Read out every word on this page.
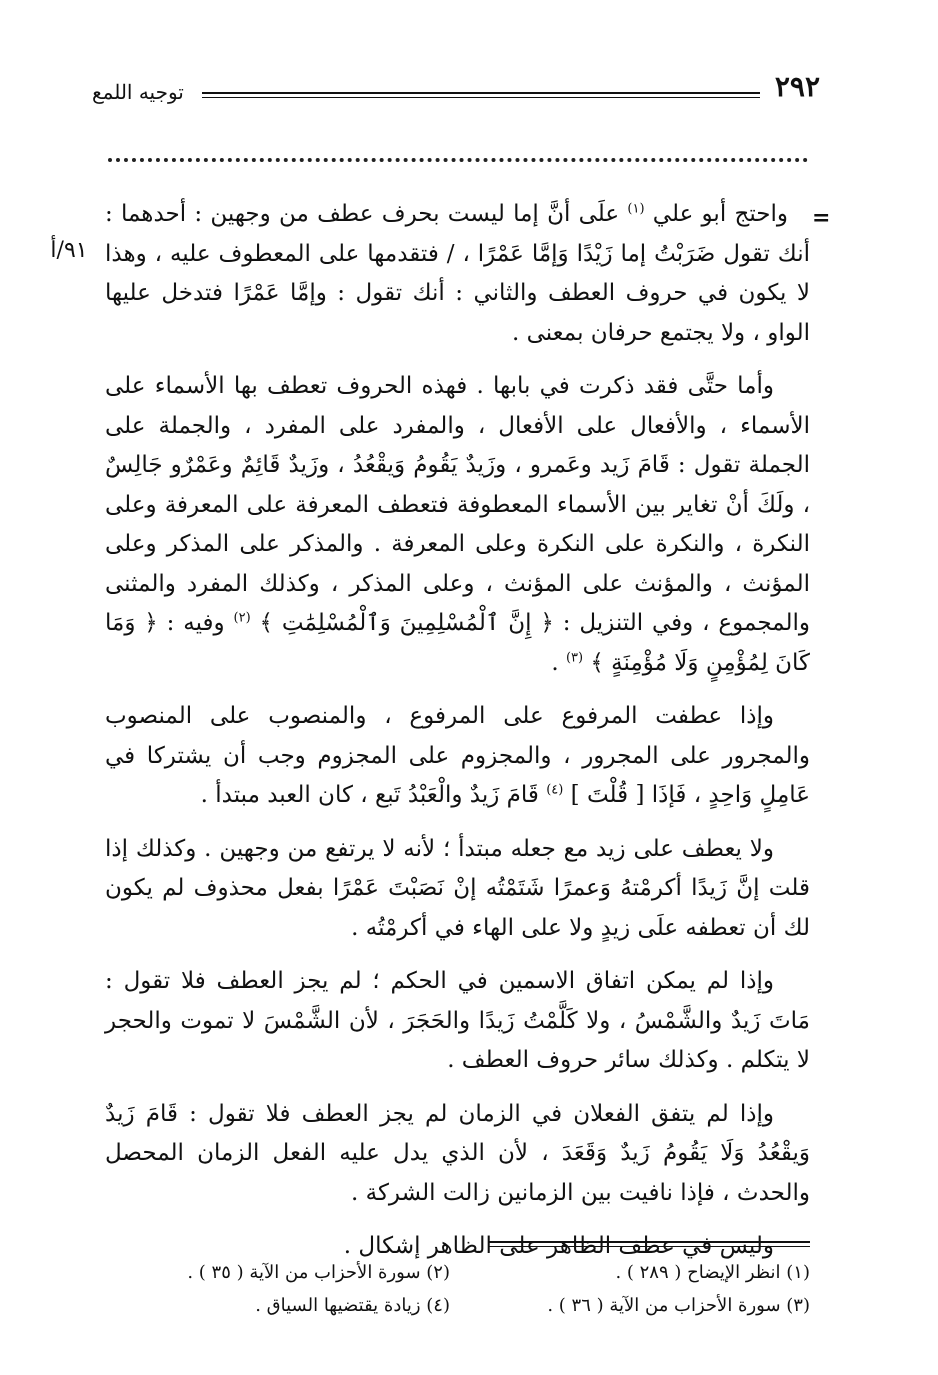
٢٩٢
توجيه اللمع
=
٩١/أ

واحتج أبو علي $^{(١)}$ علَى أنَّ إما ليست بحرف عطف من وجهين : أحدهما : أنك تقول ضَرَبْتُ إما زَيْدًا وَإمَّا عَمْرًا ، / فتقدمها على المعطوف عليه ، وهذا لا يكون في حروف العطف والثاني : أنك تقول : وإمَّا عَمْرًا فتدخل عليها الواو ، ولا يجتمع حرفان بمعنى .

وأما حتَّى فقد ذكرت في بابها . فهذه الحروف تعطف بها الأسماء على الأسماء ، والأفعال على الأفعال ، والمفرد على المفرد ، والجملة على الجملة تقول : قَامَ زَيد وعَمرو ، وزَيدٌ يَقُومُ وَيقْعُدُ ، وزَيدٌ قَائِمٌ وعَمْرٌو جَالِسٌ ، ولَكَ أنْ تغاير بين الأسماء المعطوفة فتعطف المعرفة على المعرفة وعلى النكرة ، والنكرة على النكرة وعلى المعرفة . والمذكر على المذكر وعلى المؤنث ، والمؤنث على المؤنث ، وعلى المذكر ، وكذلك المفرد والمثنى والمجموع ، وفي التنزيل : ﴿ إِنَّ ٱلْمُسْلِمِينَ وَٱلْمُسْلِمَٰتِ ﴾ $^{(٢)}$ وفيه : ﴿ وَمَا كَانَ لِمُؤْمِنٍ وَلَا مُؤْمِنَةٍ ﴾ $^{(٣)}$ .

وإذا عطفت المرفوع على المرفوع ، والمنصوب على المنصوب والمجرور على المجرور ، والمجزوم على المجزوم وجب أن يشتركا في عَامِلٍ وَاحِدٍ ، فَإذَا [ قُلْتَ ] $^{(٤)}$ قَامَ زَيدٌ والْعَبْدُ تَبع ، كان العبد مبتدأ .

ولا يعطف على زيد مع جعله مبتدأ ؛ لأنه لا يرتفع من وجهين . وكذلك إذا قلت إنَّ زَيدًا أكرمْتهُ وَعمرًا شَتَمْتُه إنْ نَصَبْتَ عَمْرًا بفعل محذوف لم يكون لك أن تعطفه علَى زيدٍ ولا على الهاء في أكرمْتُه .

وإذا لم يمكن اتفاق الاسمين في الحكم ؛ لم يجز العطف فلا تقول : مَاتَ زَيدٌ والشَّمْسُ ، ولا كَلَّمْتُ زَيدًا والحَجَرَ ، لأن الشَّمْسَ لا تموت والحجر لا يتكلم . وكذلك سائر حروف العطف .

وإذا لم يتفق الفعلان في الزمان لم يجز العطف فلا تقول : قَامَ زَيدٌ وَيقْعُدُ وَلَا يَقُومُ زَيدٌ وَقَعَدَ ، لأن الذي يدل عليه الفعل الزمان المحصل والحدث ، فإذا نافيت بين الزمانين زالت الشركة .

وليس في عطف الظاهر على الظاهر إشكال .

(١) انظر الإيضاح ( ٢٨٩ ) .
(٢) سورة الأحزاب من الآية ( ٣٥ ) .
(٣) سورة الأحزاب من الآية ( ٣٦ ) .
(٤) زيادة يقتضيها السياق .
